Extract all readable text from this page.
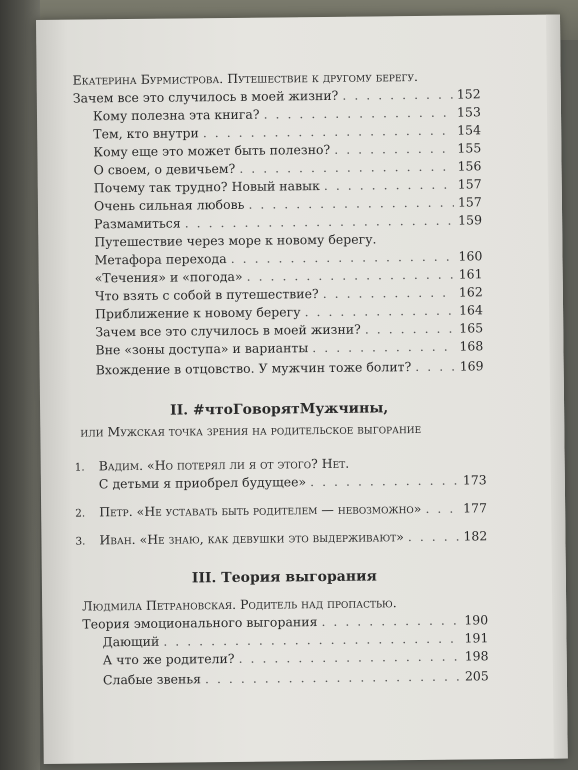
Екатерина Бурмистрова. Путешествие к другому берегу.
Зачем все это случилось в моей жизни? . . .	152
Кому полезна эта книга? . . .	153
Тем, кто внутри . . .	154
Кому еще это может быть полезно? . . .	155
О своем, о девичьем? . . .	156
Почему так трудно? Новый навык . . .	157
Очень сильная любовь . . .	157
Размамиться . . .	159
Путешествие через море к новому берегу.
Метафора перехода . . .	160
«Течения» и «погода» . . .	161
Что взять с собой в путешествие? . . .	162
Приближение к новому берегу . . .	164
Зачем все это случилось в моей жизни? . . .	165
Вне «зоны доступа» и варианты . . .	168
Вхождение в отцовство. У мужчин тоже болит? . . .	169
II. #чтоГоворятМужчины,
или Мужская точка зрения на родительское выгорание
1. Вадим. «Но потерял ли я от этого? Нет.
С детьми я приобрел будущее» . . .	173
2. Петр. «Не уставать быть родителем — невозможно» . . .	177
3. Иван. «Не знаю, как девушки это выдерживают» . . .	182
III. Теория выгорания
Людмила Петрановская. Родитель над пропастью.
Теория эмоционального выгорания . . .	190
Дающий . . .	191
А что же родители? . . .	198
Слабые звенья . . .	205
